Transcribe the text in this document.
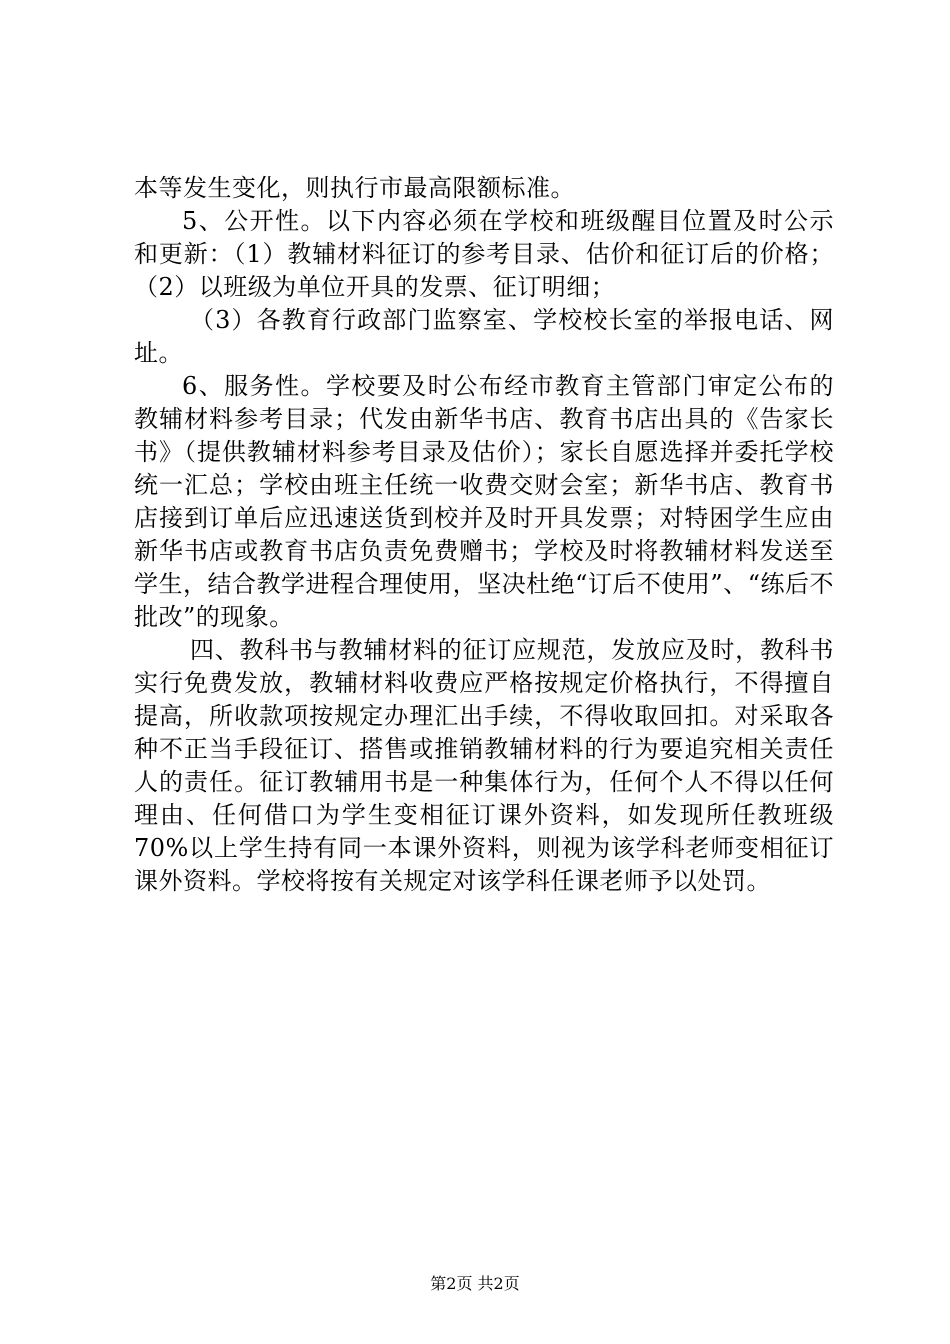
本等发生变化，则执行市最高限额标准。

5、公开性。以下内容必须在学校和班级醒目位置及时公示和更新：（1）教辅材料征订的参考目录、估价和征订后的价格；（2）以班级为单位开具的发票、征订明细；

（3）各教育行政部门监察室、学校校长室的举报电话、网址。

6、服务性。学校要及时公布经市教育主管部门审定公布的教辅材料参考目录；代发由新华书店、教育书店出具的《告家长书》（提供教辅材料参考目录及估价）；家长自愿选择并委托学校统一汇总；学校由班主任统一收费交财会室；新华书店、教育书店接到订单后应迅速送货到校并及时开具发票；对特困学生应由新华书店或教育书店负责免费赠书；学校及时将教辅材料发送至学生，结合教学进程合理使用，坚决杜绝“订后不使用”、“练后不批改”的现象。

四、教科书与教辅材料的征订应规范，发放应及时，教科书实行免费发放，教辅材料收费应严格按规定价格执行，不得擅自提高，所收款项按规定办理汇出手续，不得收取回扣。对采取各种不正当手段征订、搭售或推销教辅材料的行为要追究相关责任人的责任。征订教辅用书是一种集体行为，任何个人不得以任何理由、任何借口为学生变相征订课外资料，如发现所任教班级70%以上学生持有同一本课外资料，则视为该学科老师变相征订课外资料。学校将按有关规定对该学科任课老师予以处罚。

第2页 共2页
